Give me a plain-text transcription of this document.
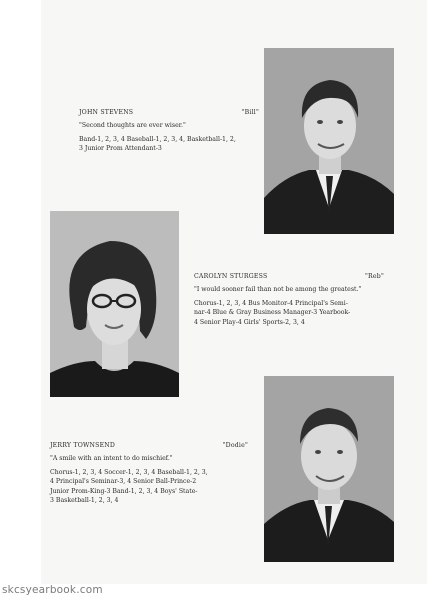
JOHN STEVENS	"Bill"
"Second thoughts are ever wiser."
Band-1, 2, 3, 4 Baseball-1, 2, 3, 4, Basketball-1, 2,
3 Junior Prom Attendant-3
CAROLYN STURGESS	"Reb"
"I would sooner fail than not be among the greatest."
Chorus-1, 2, 3, 4 Bus Monitor-4 Principal's Semi-
nar-4 Blue & Gray Business Manager-3 Yearbook-
4 Senior Play-4 Girls' Sports-2, 3, 4
JERRY TOWNSEND	"Dodie"
"A smile with an intent to do mischief."
Chorus-1, 2, 3, 4 Soccer-1, 2, 3, 4 Baseball-1, 2, 3,
4 Principal's Seminar-3, 4 Senior Ball-Prince-2
Junior Prom-King-3 Band-1, 2, 3, 4 Boys' State-
3 Basketball-1, 2, 3, 4
skcsyearbook.com
